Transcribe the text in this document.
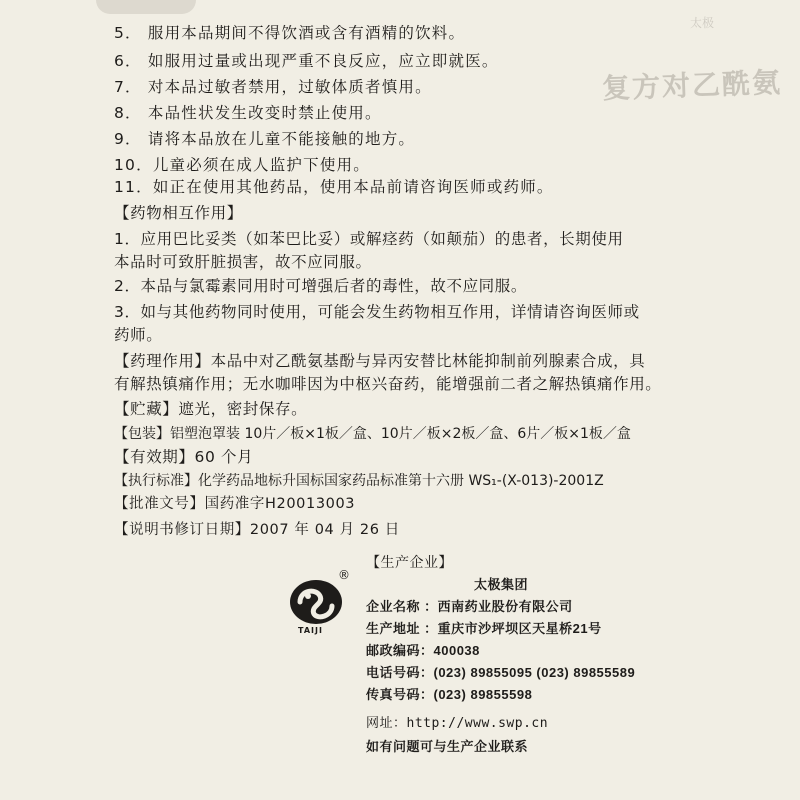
复方对乙酰氨
太极
5． 服用本品期间不得饮酒或含有酒精的饮料。
6． 如服用过量或出现严重不良反应，应立即就医。
7． 对本品过敏者禁用，过敏体质者慎用。
8． 本品性状发生改变时禁止使用。
9． 请将本品放在儿童不能接触的地方。
10．儿童必须在成人监护下使用。
11．如正在使用其他药品，使用本品前请咨询医师或药师。
【药物相互作用】
1．应用巴比妥类（如苯巴比妥）或解痉药（如颠茄）的患者，长期使用
本品时可致肝脏损害，故不应同服。
2．本品与氯霉素同用时可增强后者的毒性，故不应同服。
3．如与其他药物同时使用，可能会发生药物相互作用，详情请咨询医师或
药师。
【药理作用】本品中对乙酰氨基酚与异丙安替比林能抑制前列腺素合成，具
有解热镇痛作用；无水咖啡因为中枢兴奋药，能增强前二者之解热镇痛作用。
【贮藏】遮光，密封保存。
【包装】铝塑泡罩装 10片／板×1板／盒、10片／板×2板／盒、6片／板×1板／盒
【有效期】60 个月
【执行标准】化学药品地标升国标国家药品标准第十六册 WS₁-(X-013)-2001Z
【批准文号】国药准字H20013003
【说明书修订日期】2007 年 04 月 26 日
®
TAIJI
【生产企业】
太极集团
企业名称 ：西南药业股份有限公司
生产地址 ：重庆市沙坪坝区天星桥21号
邮政编码：400038
电话号码：(023) 89855095 (023) 89855589
传真号码：(023) 89855598
网址：http://www.swp.cn
如有问题可与生产企业联系
